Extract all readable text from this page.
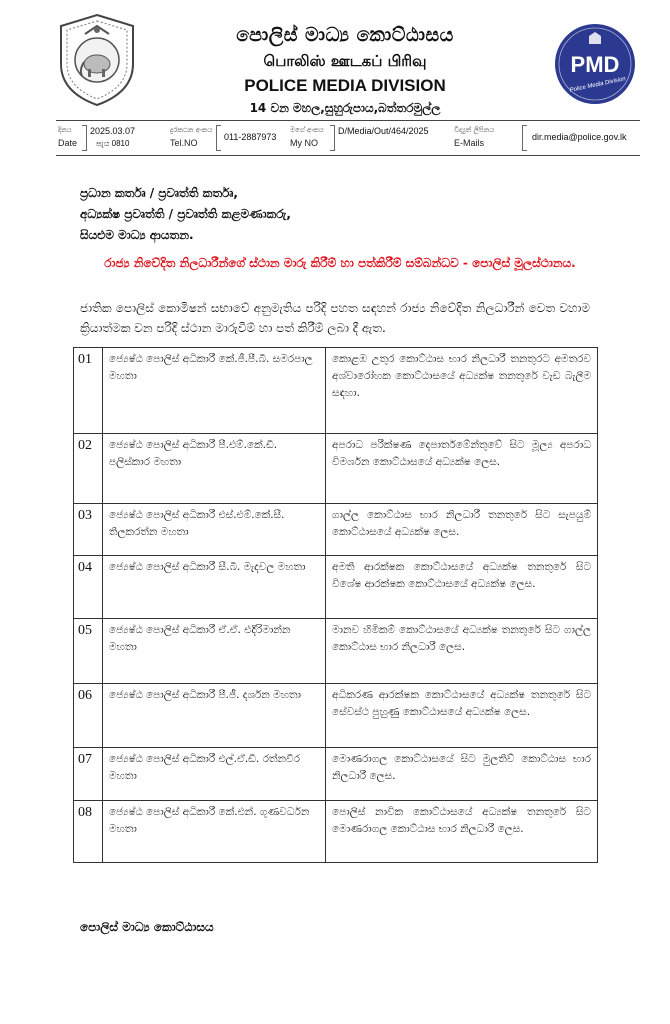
පොලිස් මාධ්‍ය කොට්ඨාසය
பொலிஸ் ஊடகப் பிரிவு
POLICE MEDIA DIVISION
14 වන මහල,සුහුරුපාය,බත්තරමුල්ල
PMD
Police Media Division
දිනය
Date
2025.03.07
පැය 0810
දුරකථන අංකය
Tel.NO
011-2887973
මගේ අංකය
My NO
D/Media/Out/464/2025	විද්‍යුත් ලිපිනය
E-Mails
dir.media@police.gov.lk
ප්‍රධාන කර්තෘ / ප්‍රවෘත්ති කර්තෘ,
අධ්‍යක්ෂ ප්‍රවෘත්ති / ප්‍රවෘත්ති කළමණාකරු,
සියළුම මාධ්‍ය ආයතන.
රාජ්‍ය නිවේදිත නිලධාරීන්ගේ ස්ථාන මාරු කිරීම් හා පත්කිරීම් සම්බන්ධව - පොලිස් මූලස්ථානය.
ජාතික පොලිස් කොමිෂන් සභාවේ අනුමැතිය පරිදි පහත සඳහන් රාජ්‍ය නිවේදිත නිලධාරීන් වෙත වහාම ක්‍රියාත්මක වන පරිදි ස්ථාන මාරුවීම් හා පත් කිරීම් ලබා දී ඇත.
01	ජ්‍යෙෂ්ඨ පොලිස් අධිකාරී කේ.ජී.පී.බී. සමරපාල මහතා	කොළඹ උතුර කොට්ඨාස භාර නිලධාරී තනතුරට අමතරව අශ්වාරෝහක කොට්ඨාසයේ අධ්‍යක්ෂ තනතුරේ වැඩ බැලීම සඳහා.
02	ජ්‍යෙෂ්ඨ පොලිස් අධිකාරී පී.එම්.කේ.ඩී. පලිස්කාර මහතා	අපරාධ පරීක්ෂණ දෙපාර්තමේන්තුවේ සිට මූල්‍ය අපරාධ විමර්ශන කොට්ඨාසයේ අධ්‍යක්ෂ ලෙස.
03	ජ්‍යෙෂ්ඨ පොලිස් අධිකාරී එස්.එම්.කේ.සී. තිලකරත්න මහතා	ගාල්ල කොට්ඨාස භාර නිලධාරී තනතුරේ සිට සැපයුම් කොට්ඨාසයේ අධ්‍යක්ෂ ලෙස.
04	ජ්‍යෙෂ්ඨ පොලිස් අධිකාරී සී.බී. මැදවල මහතා	අමති ආරක්ෂක කොට්ඨාසයේ අධ්‍යක්ෂ තනතුරේ සිට විශේෂ ආරක්ෂක කොට්ඨාසයේ අධ්‍යක්ෂ ලෙස.
05	ජ්‍යෙෂ්ඨ පොලිස් අධිකාරී ඒ.ඒ. එදිරිමාන්න මහතා	මානව හිමිකම් කොට්ඨාසයේ අධ්‍යක්ෂ තනතුරේ සිට ගාල්ල කොට්ඨාස භාර නිලධාරී ලෙස.
06	ජ්‍යෙෂ්ඨ පොලිස් අධිකාරී පී.ජී. දර්ශන මහතා	අධිකරණ ආරක්ෂක කොට්ඨාසයේ අධ්‍යක්ෂ තනතුරේ සිට සේවස්ථ පුහුණු කොට්ඨාසයේ අධ්‍යක්ෂ ලෙස.
07	ජ්‍යෙෂ්ඨ පොලිස් අධිකාරී එල්.ඒ.ඩී. රත්නවීර මහතා	මොණරාගල කොට්ඨාසයේ සිට මුලතිව් කොට්ඨාස භාර නිලධාරී ලෙස.
08	ජ්‍යෙෂ්ඨ පොලිස් අධිකාරී කේ.එන්. ගුණවර්ධන මහතා	පොලිස් නාවික කොට්ඨාසයේ අධ්‍යක්ෂ තනතුරේ සිට මොණරාගල කොට්ඨාස භාර නිලධාරී ලෙස.
පොලිස් මාධ්‍ය කොට්ඨාසය
